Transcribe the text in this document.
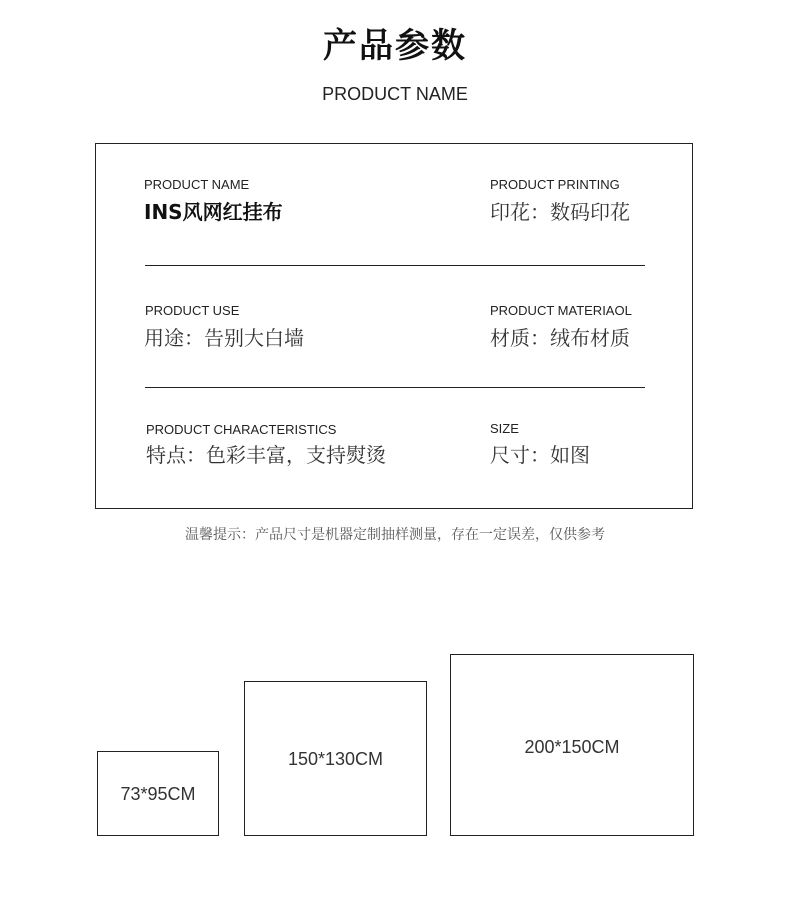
产品参数
PRODUCT NAME
PRODUCT NAME
INS风网红挂布
PRODUCT PRINTING
印花：数码印花
PRODUCT USE
用途：告别大白墙
PRODUCT MATERIAOL
材质：绒布材质
PRODUCT CHARACTERISTICS
特点：色彩丰富，支持熨烫
SIZE
尺寸：如图
温馨提示：产品尺寸是机器定制抽样测量，存在一定误差，仅供参考
73*95CM
150*130CM
200*150CM
